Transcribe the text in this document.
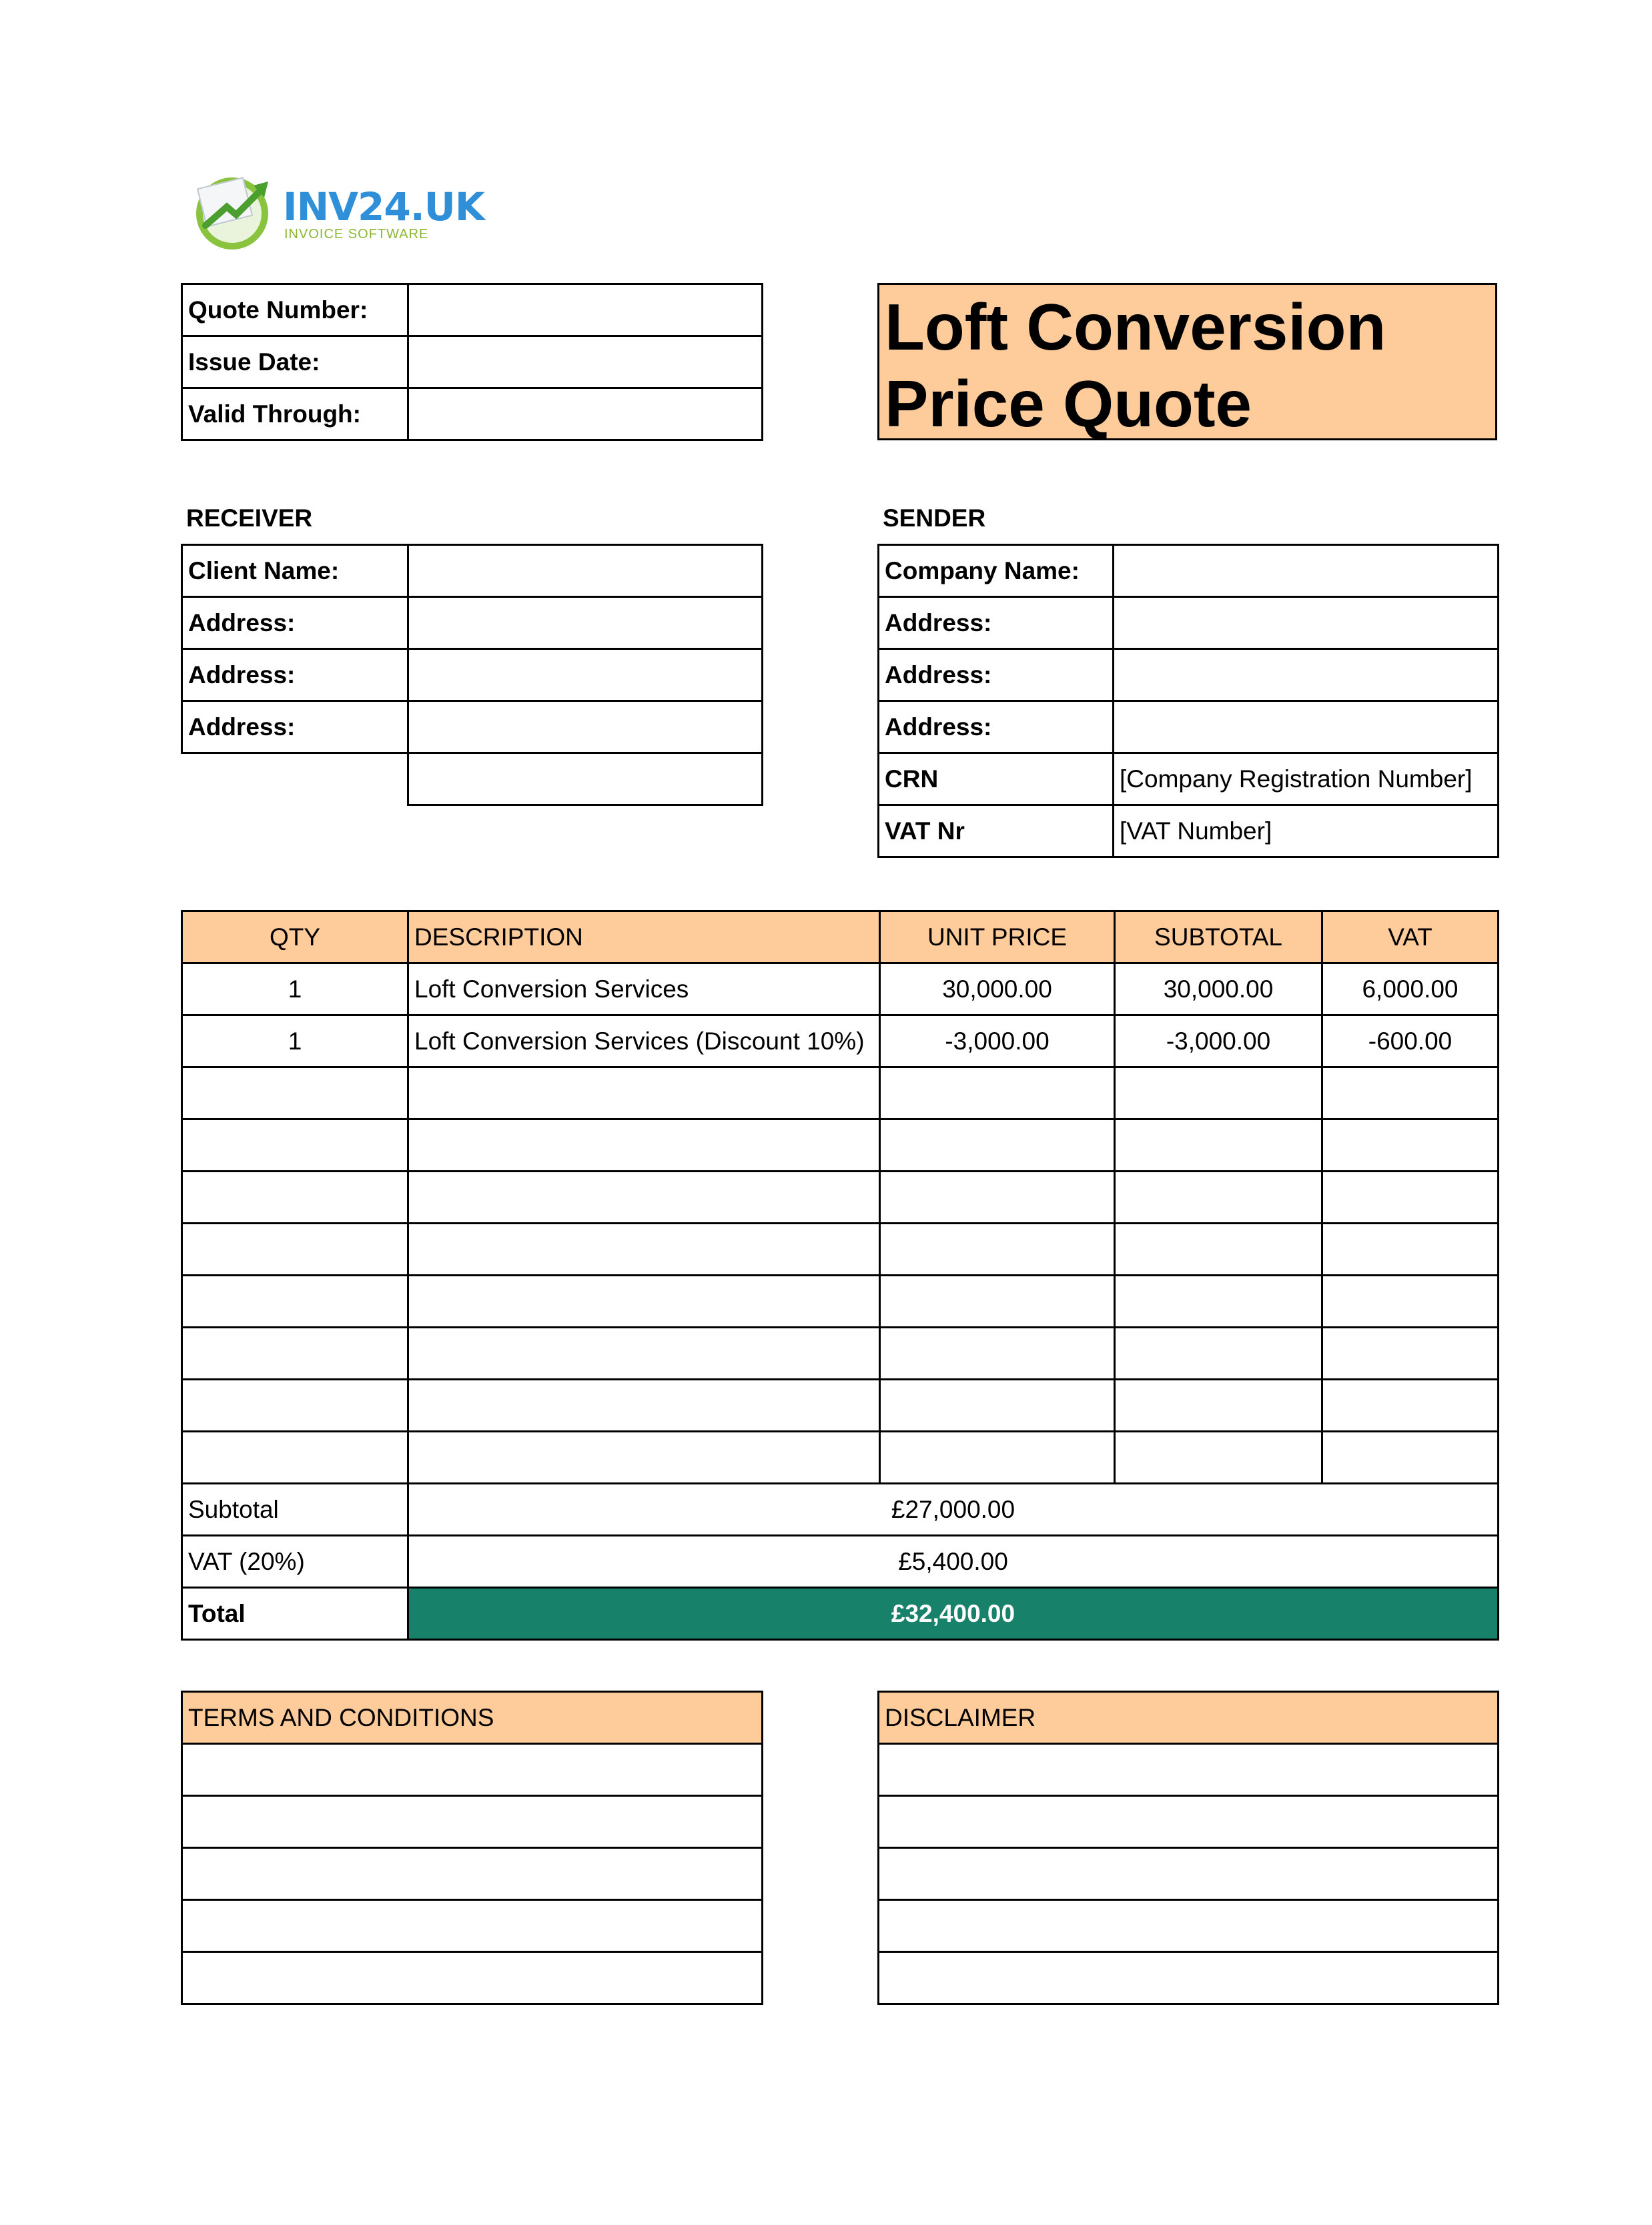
INV24.UK
INVOICE SOFTWARE
Quote Number:	
Issue Date:	
Valid Through:	
Loft Conversion Price Quote
RECEIVER
Client Name:	
Address:	
Address:	
Address:	

SENDER
Company Name:	
Address:	
Address:	
Address:	
CRN	[Company Registration Number]
VAT Nr	[VAT Number]
QTY	DESCRIPTION	UNIT PRICE	SUBTOTAL	VAT
1	Loft Conversion Services	30,000.00	30,000.00	6,000.00
1	Loft Conversion Services (Discount 10%)	-3,000.00	-3,000.00	-600.00

Subtotal	£27,000.00			
VAT (20%)	£5,400.00			
Total	£32,400.00			
TERMS AND CONDITIONS	DISCLAIMER
